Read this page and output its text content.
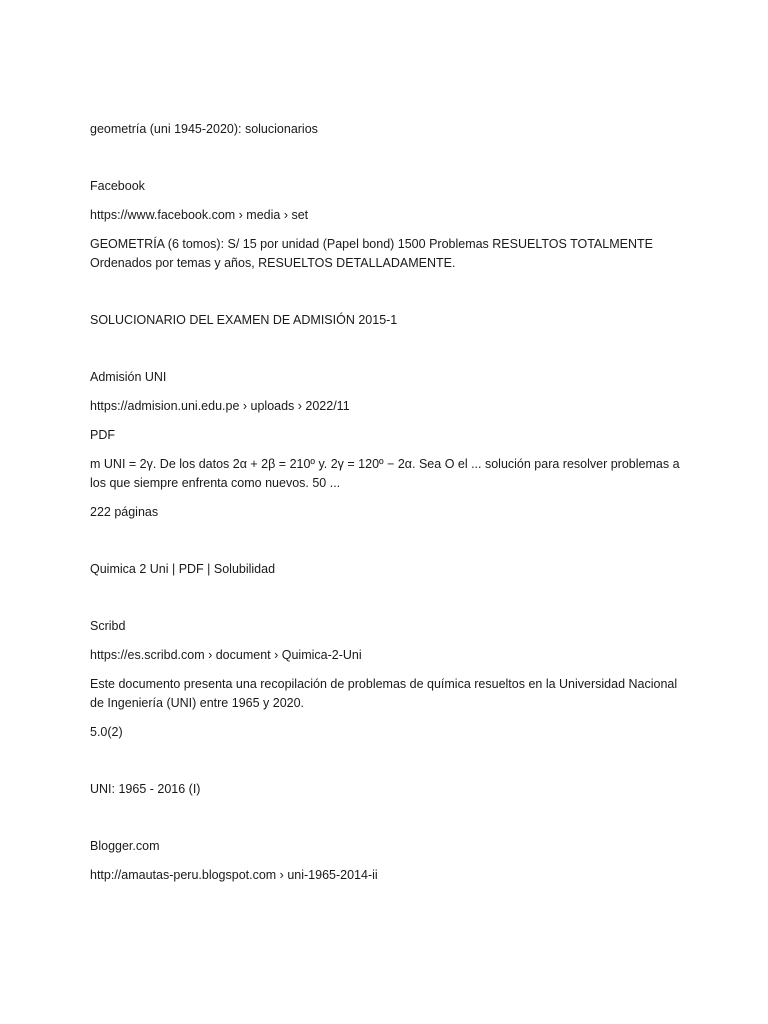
geometría (uni 1945-2020): solucionarios

Facebook

https://www.facebook.com › media › set

GEOMETRÍA (6 tomos): S/ 15 por unidad (Papel bond) 1500 Problemas RESUELTOS TOTALMENTE Ordenados por temas y años, RESUELTOS DETALLADAMENTE.

SOLUCIONARIO DEL EXAMEN DE ADMISIÓN 2015-1

Admisión UNI

https://admision.uni.edu.pe › uploads › 2022/11

PDF

m UNI = 2γ. De los datos 2α + 2β = 210º y. 2γ = 120º − 2α. Sea O el ... solución para resolver problemas a los que siempre enfrenta como nuevos. 50 ...

222 páginas

Quimica 2 Uni | PDF | Solubilidad

Scribd

https://es.scribd.com › document › Quimica-2-Uni

Este documento presenta una recopilación de problemas de química resueltos en la Universidad Nacional de Ingeniería (UNI) entre 1965 y 2020.

5.0(2)

UNI: 1965 - 2016 (I)

Blogger.com

http://amautas-peru.blogspot.com › uni-1965-2014-ii
